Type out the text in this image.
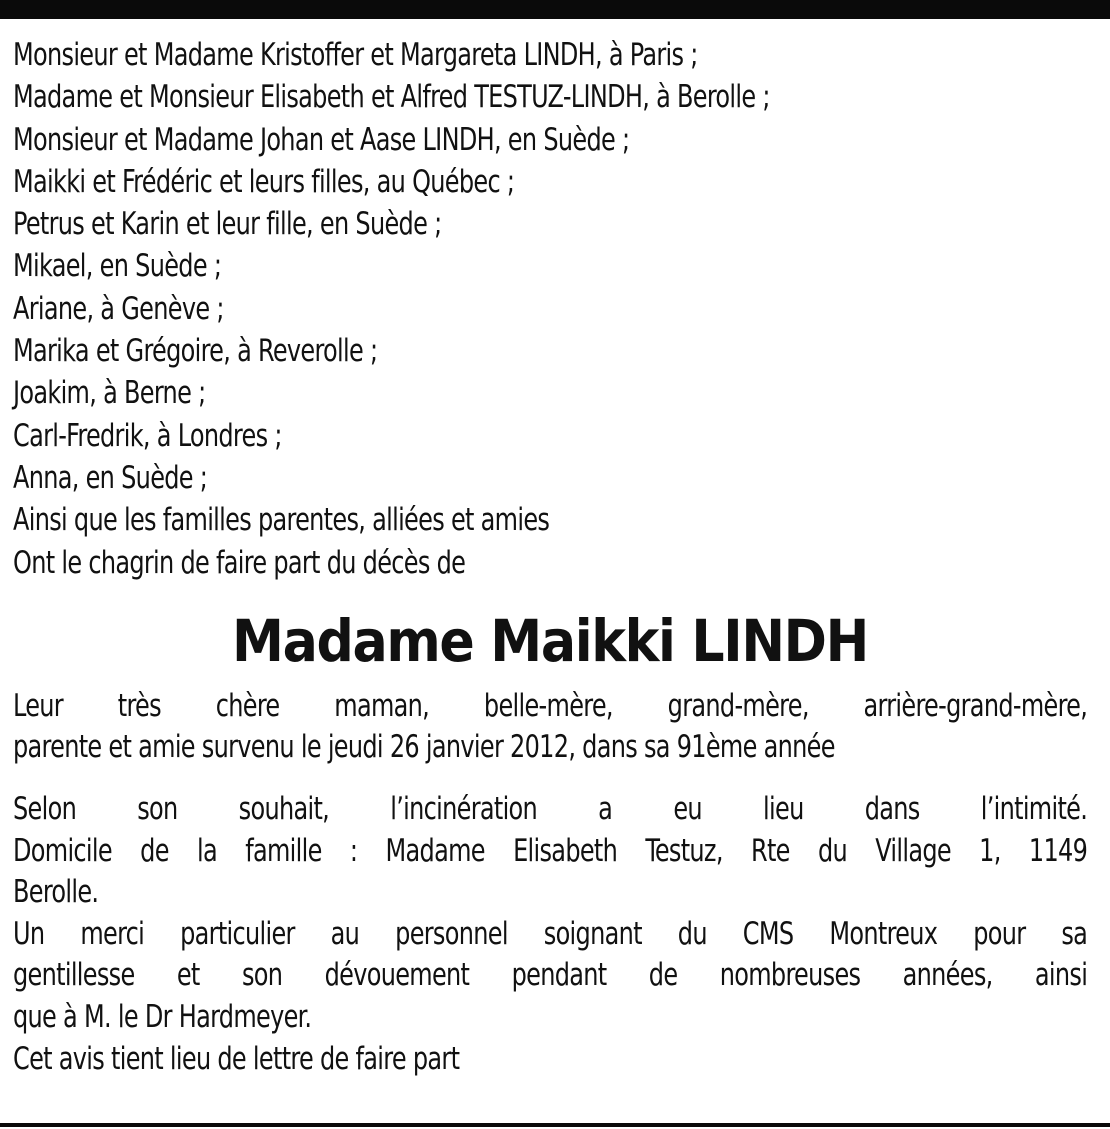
Monsieur et Madame Kristoffer et Margareta LINDH, à Paris ;
Madame et Monsieur Elisabeth et Alfred TESTUZ-LINDH, à Berolle ;
Monsieur et Madame Johan et Aase LINDH, en Suède ;
Maikki et Frédéric et leurs filles, au Québec ;
Petrus et Karin et leur fille, en Suède ;
Mikael, en Suède ;
Ariane, à Genève ;
Marika et Grégoire, à Reverolle ;
Joakim, à Berne ;
Carl-Fredrik, à Londres ;
Anna, en Suède ;
Ainsi que les familles parentes, alliées et amies
Ont le chagrin de faire part du décès de
Madame Maikki LINDH
Leur très chère maman, belle-mère, grand-mère, arrière-grand-mère,
parente et amie survenu le jeudi 26 janvier 2012, dans sa 91ème année
Selon son souhait, l’incinération a eu lieu dans l’intimité.
Domicile de la famille : Madame Elisabeth Testuz, Rte du Village 1, 1149
Berolle.
Un merci particulier au personnel soignant du CMS Montreux pour sa
gentillesse et son dévouement pendant de nombreuses années, ainsi
que à M. le Dr Hardmeyer.
Cet avis tient lieu de lettre de faire part
